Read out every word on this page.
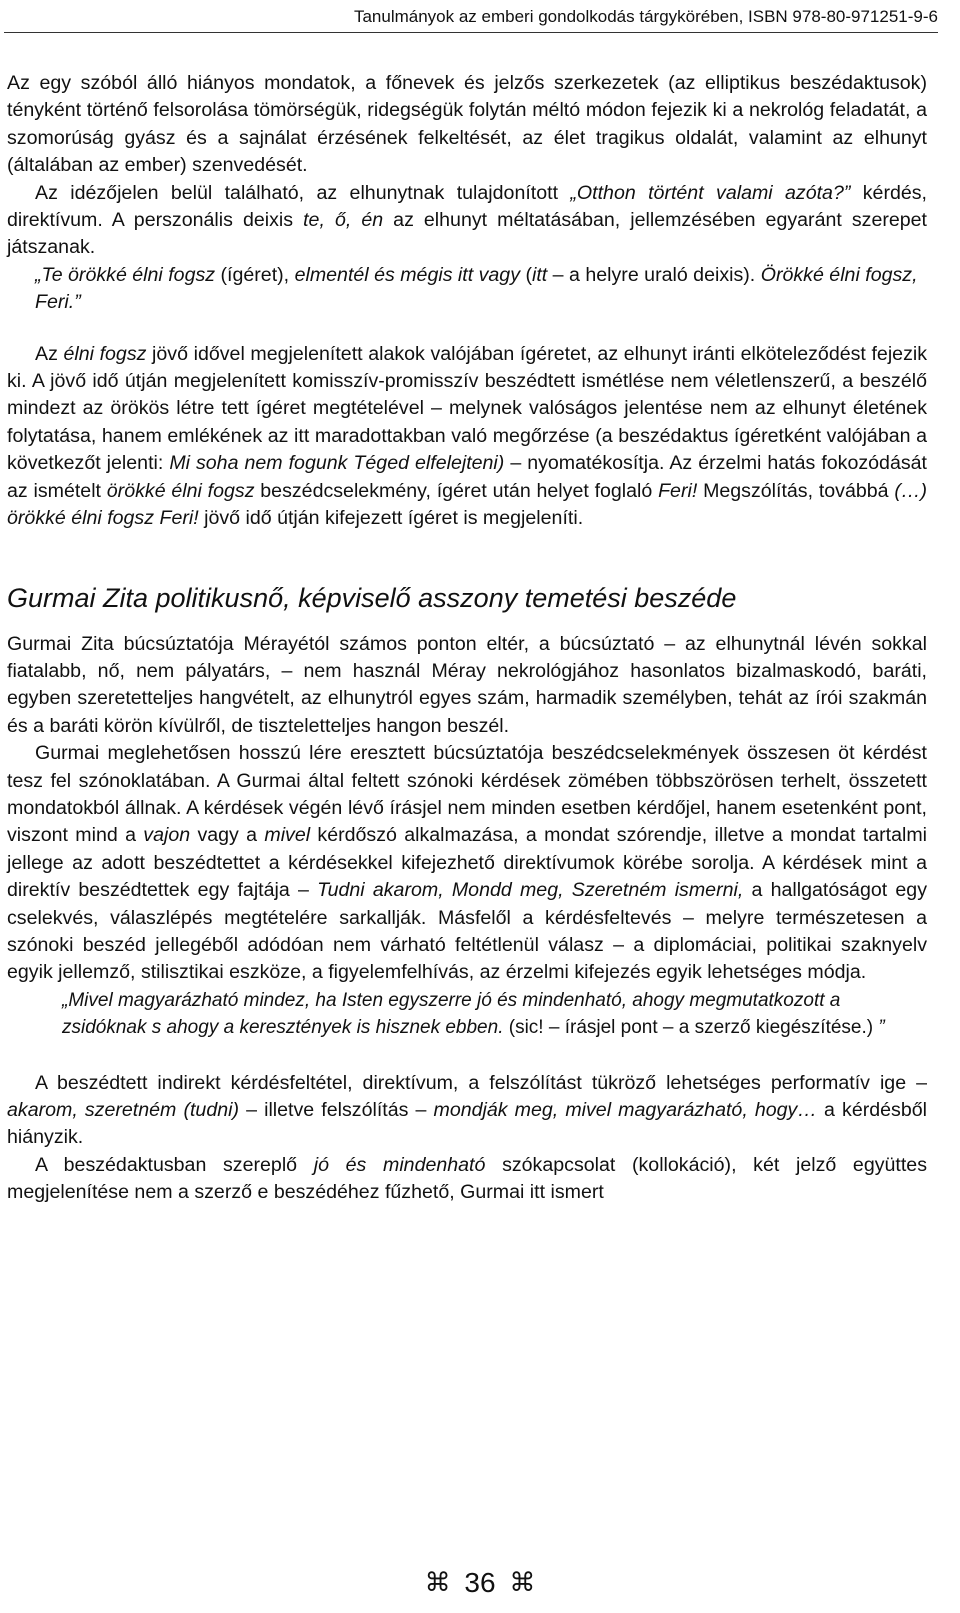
Tanulmányok az emberi gondolkodás tárgykörében, ISBN 978-80-971251-9-6

Az egy szóból álló hiányos mondatok, a főnevek és jelzős szerkezetek (az elliptikus beszédaktusok) tényként történő felsorolása tömörségük, ridegségük folytán méltó módon fejezik ki a nekrológ feladatát, a szomorúság gyász és a sajnálat érzésének felkeltését, az élet tragikus oldalát, valamint az elhunyt (általában az ember) szenvedését.

Az idézőjelen belül található, az elhunytnak tulajdonított „Otthon történt valami azóta?” kérdés, direktívum. A perszonális deixis te, ő, én az elhunyt méltatásában, jellemzésében egyaránt szerepet játszanak.

„Te örökké élni fogsz (ígéret), elmentél és mégis itt vagy (itt – a helyre uraló deixis). Örökké élni fogsz, Feri.”

Az élni fogsz jövő idővel megjelenített alakok valójában ígéretet, az elhunyt iránti elköteleződést fejezik ki. A jövő idő útján megjelenített komisszív-promisszív beszédtett ismétlése nem véletlenszerű, a beszélő mindezt az örökös létre tett ígéret megtételével – melynek valóságos jelentése nem az elhunyt életének folytatása, hanem emlékének az itt maradottakban való megőrzése (a beszédaktus ígéretként valójában a következőt jelenti: Mi soha nem fogunk Téged elfelejteni) – nyomatékosítja. Az érzelmi hatás fokozódását az ismételt örökké élni fogsz beszédcselekmény, ígéret után helyet foglaló Feri! Megszólítás, továbbá (…) örökké élni fogsz Feri! jövő idő útján kifejezett ígéret is megjeleníti.

Gurmai Zita politikusnő, képviselő asszony temetési beszéde

Gurmai Zita búcsúztatója Mérayétól számos ponton eltér, a búcsúztató – az elhunytnál lévén sokkal fiatalabb, nő, nem pályatárs, – nem használ Méray nekrológjához hasonlatos bizalmaskodó, baráti, egyben szeretetteljes hangvételt, az elhunytról egyes szám, harmadik személyben, tehát az írói szakmán és a baráti körön kívülről, de tiszteletteljes hangon beszél.

Gurmai meglehetősen hosszú lére eresztett búcsúztatója beszédcselekmények összesen öt kérdést tesz fel szónoklatában. A Gurmai által feltett szónoki kérdések zömében többszörösen terhelt, összetett mondatokból állnak. A kérdések végén lévő írásjel nem minden esetben kérdőjel, hanem esetenként pont, viszont mind a vajon vagy a mivel kérdőszó alkalmazása, a mondat szórendje, illetve a mondat tartalmi jellege az adott beszédtettet a kérdésekkel kifejezhető direktívumok körébe sorolja. A kérdések mint a direktív beszédtettek egy fajtája – Tudni akarom, Mondd meg, Szeretném ismerni, a hallgatóságot egy cselekvés, válaszlépés megtételére sarkallják. Másfelől a kérdésfeltevés – melyre természetesen a szónoki beszéd jellegéből adódóan nem várható feltétlenül válasz – a diplomáciai, politikai szaknyelv egyik jellemző, stilisztikai eszköze, a figyelemfelhívás, az érzelmi kifejezés egyik lehetséges módja.

„Mivel magyarázható mindez, ha Isten egyszerre jó és mindenható, ahogy megmutatkozott a zsidóknak s ahogy a keresztények is hisznek ebben. (sic! – írásjel pont – a szerző kiegészítése.) ”

A beszédtett indirekt kérdésfeltétel, direktívum, a felszólítást tükröző lehetséges performatív ige – akarom, szeretném (tudni) – illetve felszólítás – mondják meg, mivel magyarázható, hogy… a kérdésből hiányzik.

A beszédaktusban szereplő jó és mindenható szókapcsolat (kollokáció), két jelző együttes megjelenítése nem a szerző e beszédéhez fűzhető, Gurmai itt ismert

⌘ 36 ⌘
